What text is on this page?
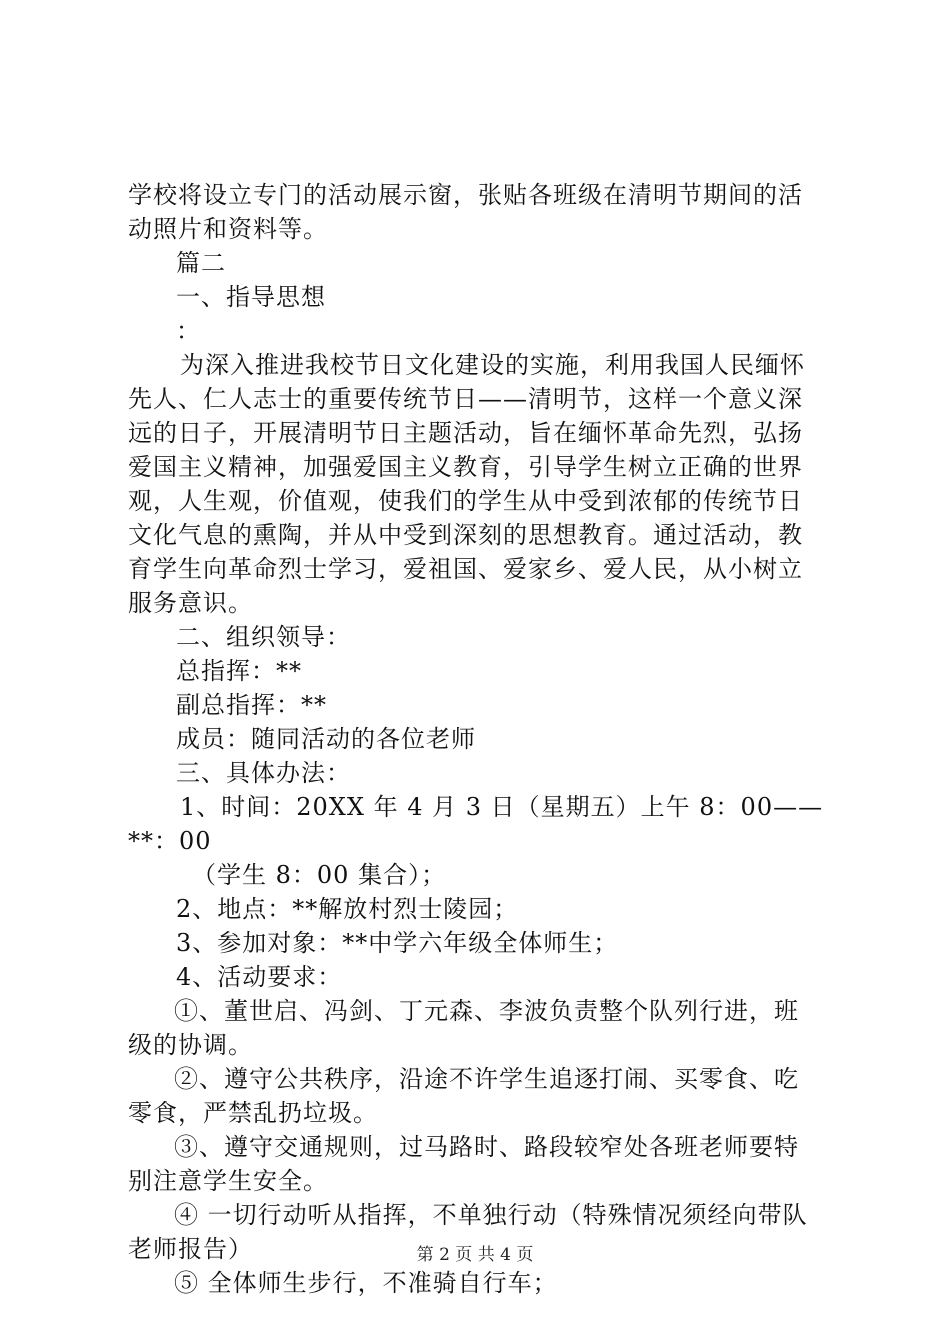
学校将设立专门的活动展示窗，张贴各班级在清明节期间的活
动照片和资料等。
篇二
一、指导思想
：
为深入推进我校节日文化建设的实施，利用我国人民缅怀
先人、仁人志士的重要传统节日——清明节，这样一个意义深
远的日子，开展清明节日主题活动，旨在缅怀革命先烈，弘扬
爱国主义精神，加强爱国主义教育，引导学生树立正确的世界
观，人生观，价值观，使我们的学生从中受到浓郁的传统节日
文化气息的熏陶，并从中受到深刻的思想教育。通过活动，教
育学生向革命烈士学习，爱祖国、爱家乡、爱人民，从小树立
服务意识。
二、组织领导：
总指挥：**
副总指挥：**
成员：随同活动的各位老师
三、具体办法：
1、时间：20XX 年 4 月 3 日（星期五）上午 8：00——
**：00
（学生 8：00 集合）；
2、地点：**解放村烈士陵园；
3、参加对象：**中学六年级全体师生；
4、活动要求：
①、董世启、冯剑、丁元森、李波负责整个队列行进，班
级的协调。
②、遵守公共秩序，沿途不许学生追逐打闹、买零食、吃
零食，严禁乱扔垃圾。
③、遵守交通规则，过马路时、路段较窄处各班老师要特
别注意学生安全。
④ 一切行动听从指挥，不单独行动（特殊情况须经向带队
老师报告）
⑤ 全体师生步行，不准骑自行车；
第 2 页 共 4 页
